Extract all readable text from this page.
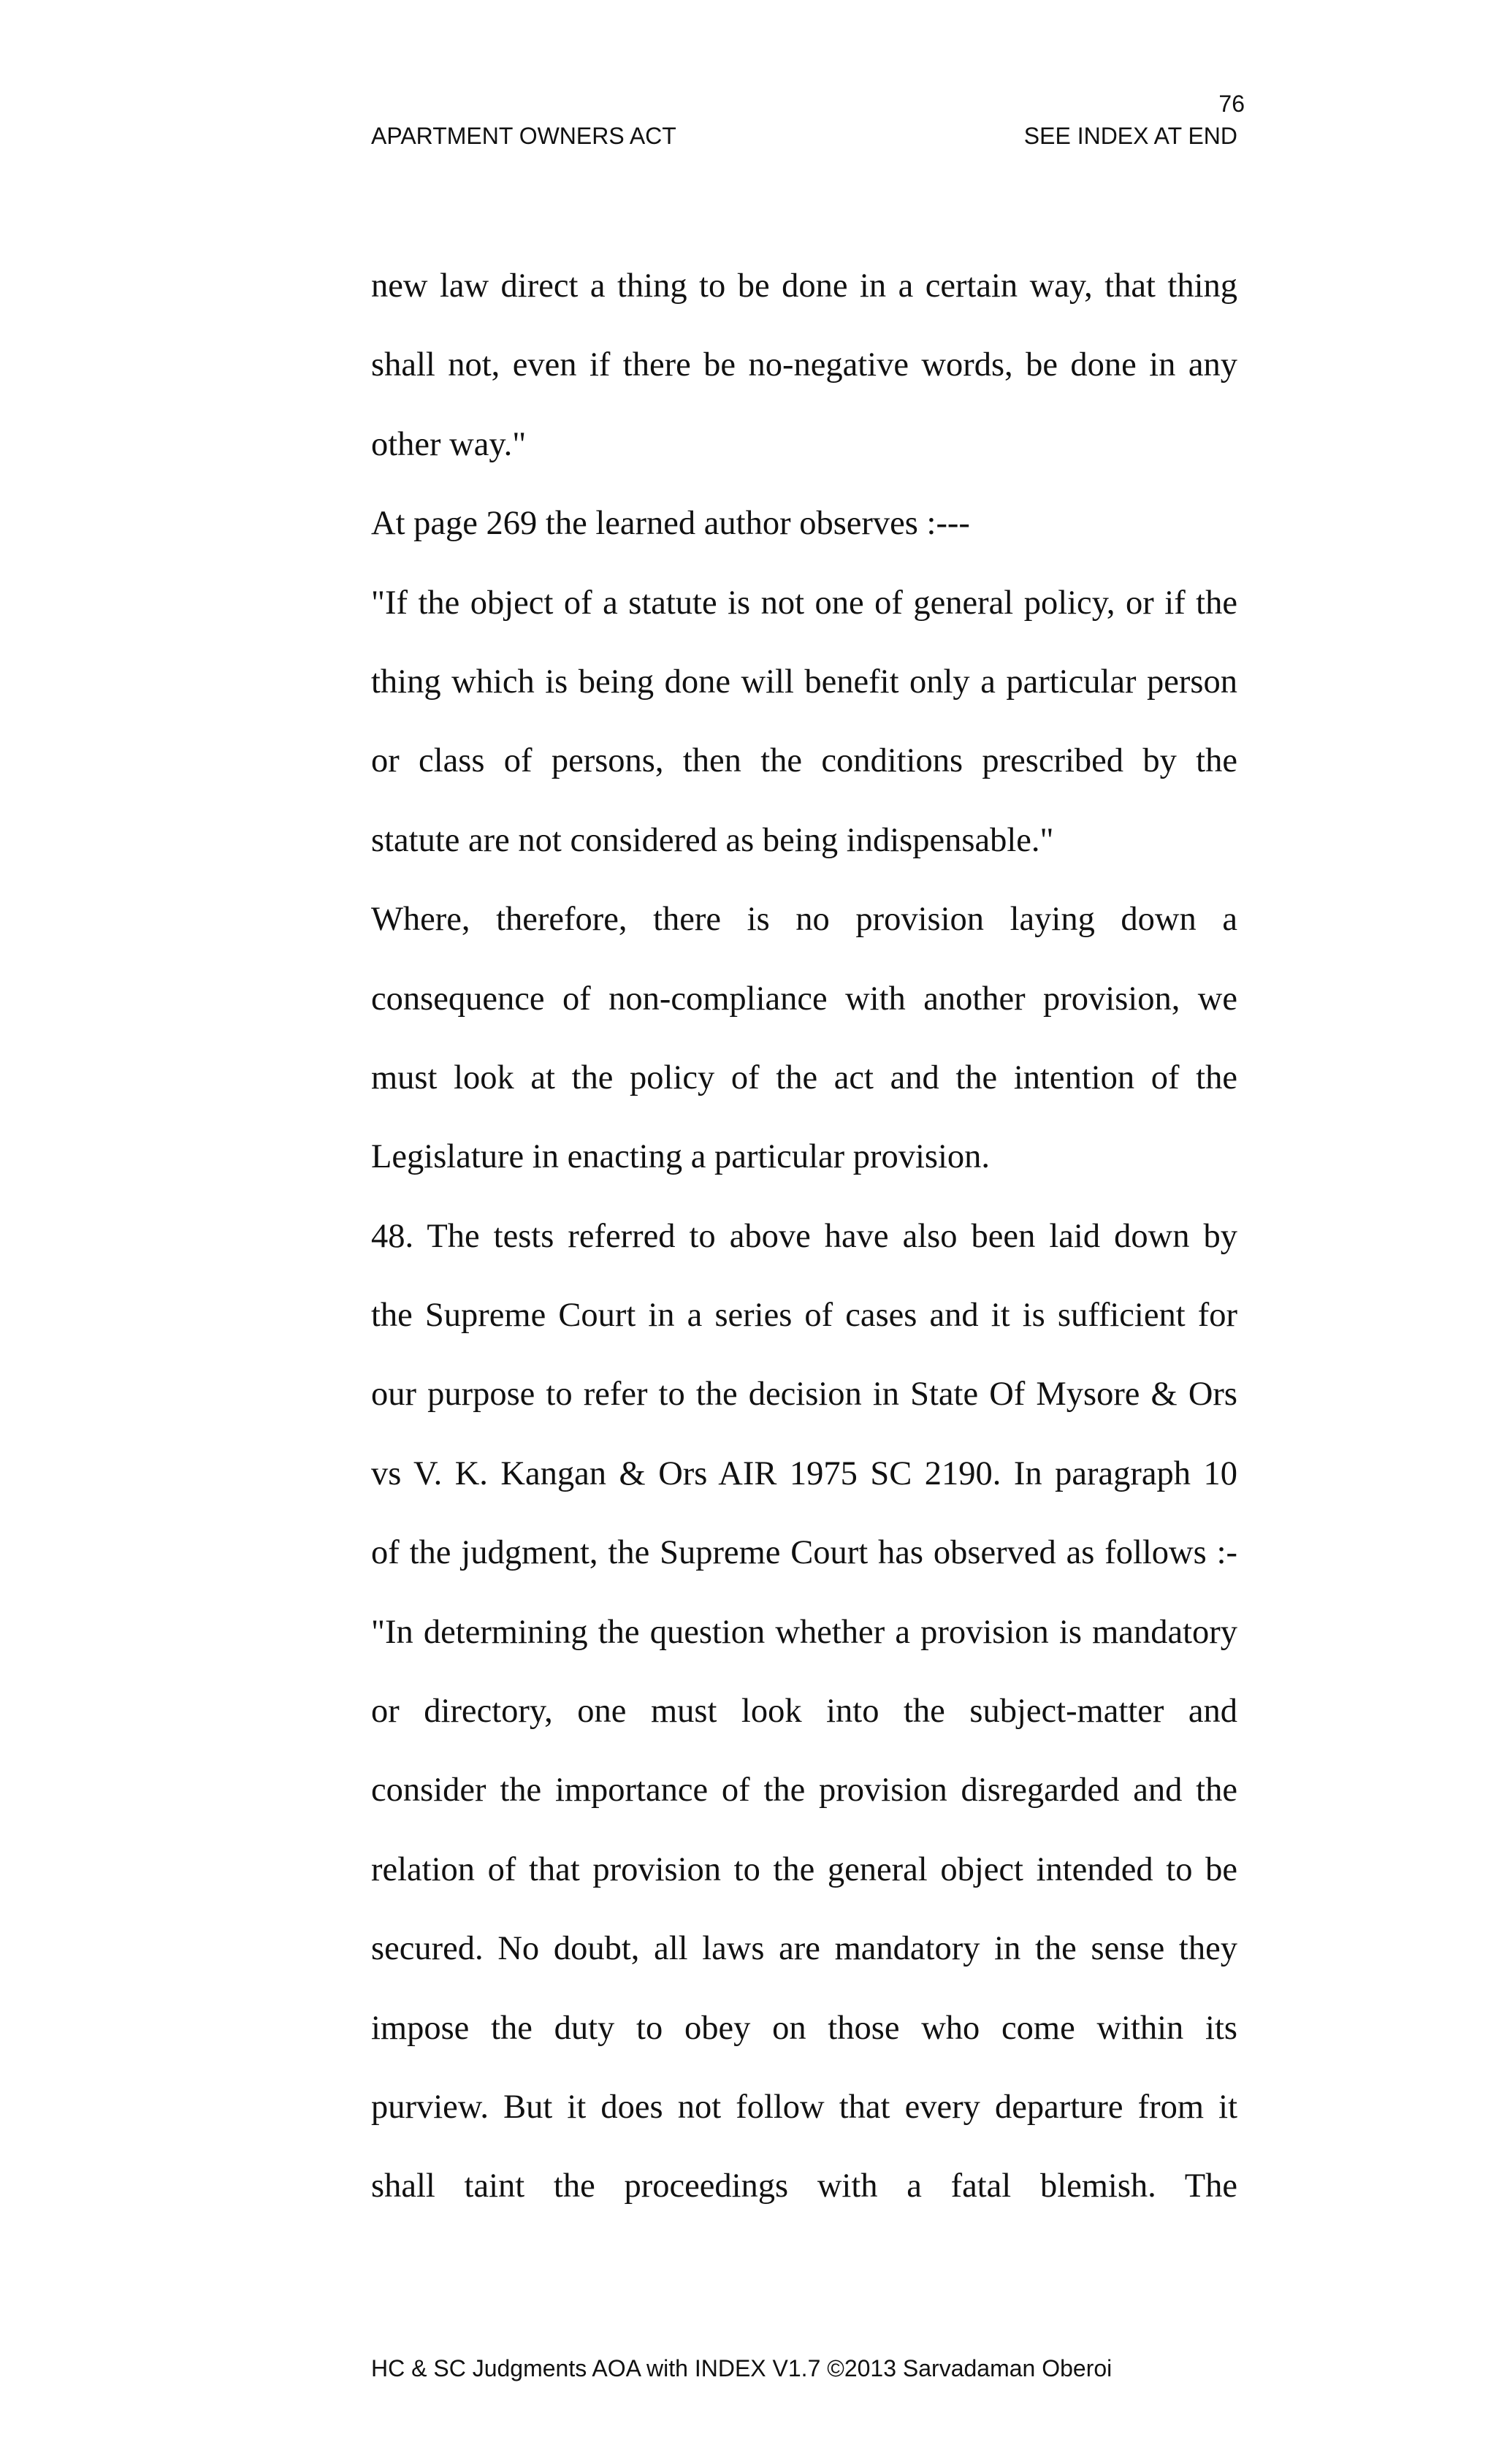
76
APARTMENT OWNERS ACT	SEE INDEX AT END
new law direct a thing to be done in a certain way, that thing
shall not, even if there be no-negative words, be done in any
other way."
At page 269 the learned author observes :---
"If the object of a statute is not one of general policy, or if the
thing which is being done will benefit only a particular person
or class of persons, then the conditions prescribed by the
statute are not considered as being indispensable."
Where, therefore, there is no provision laying down a
consequence of non-compliance with another provision, we
must look at the policy of the act and the intention of the
Legislature in enacting a particular provision.
48. The tests referred to above have also been laid down by
the Supreme Court in a series of cases and it is sufficient for
our purpose to refer to the decision in State Of Mysore & Ors
vs V. K. Kangan & Ors AIR 1975 SC 2190. In paragraph 10
of the judgment, the Supreme Court has observed as follows :-
"In determining the question whether a provision is mandatory
or directory, one must look into the subject-matter and
consider the importance of the provision disregarded and the
relation of that provision to the general object intended to be
secured. No doubt, all laws are mandatory in the sense they
impose the duty to obey on those who come within its
purview. But it does not follow that every departure from it
shall taint the proceedings with a fatal blemish. The
HC & SC Judgments AOA with INDEX V1.7 ©2013 Sarvadaman Oberoi
